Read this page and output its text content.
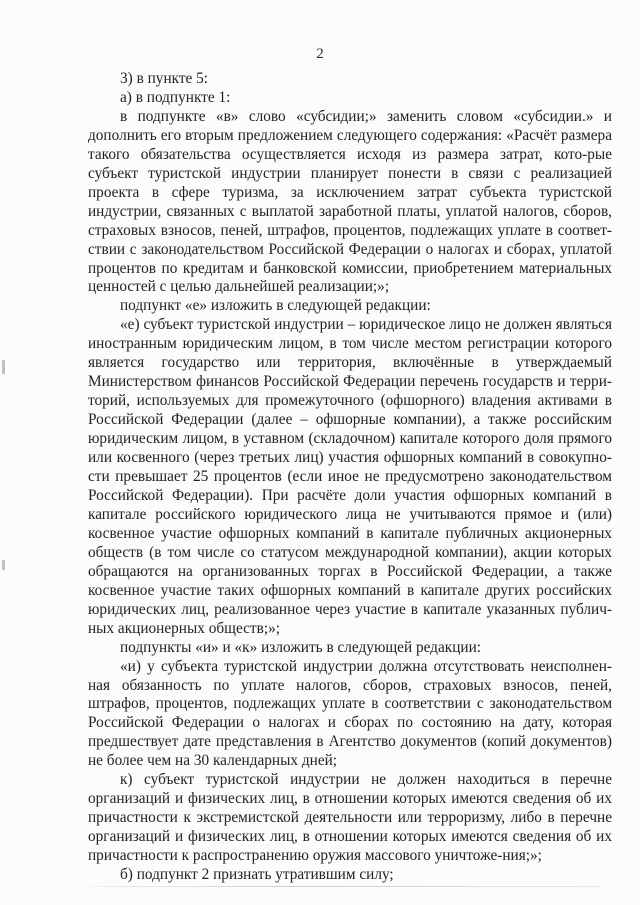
2

3) в пункте 5:

а) в подпункте 1:

в подпункте «в» слово «субсидии;» заменить словом «субсидии.» и дополнить его вторым предложением следующего содержания: «Расчёт размера такого обязательства осуществляется исходя из размера затрат, кото-рые субъект туристской индустрии планирует понести в связи с реализацией проекта в сфере туризма, за исключением затрат субъекта туристской индустрии, связанных с выплатой заработной платы, уплатой налогов, сборов, страховых взносов, пеней, штрафов, процентов, подлежащих уплате в соответ-ствии с законодательством Российской Федерации о налогах и сборах, уплатой процентов по кредитам и банковской комиссии, приобретением материальных ценностей с целью дальнейшей реализации;»;

подпункт «е» изложить в следующей редакции:

«е) субъект туристской индустрии – юридическое лицо не должен являться иностранным юридическим лицом, в том числе местом регистрации которого является государство или территория, включённые в утверждаемый Министерством финансов Российской Федерации перечень государств и терри-торий, используемых для промежуточного (офшорного) владения активами в Российской Федерации (далее – офшорные компании), а также российским юридическим лицом, в уставном (складочном) капитале которого доля прямого или косвенного (через третьих лиц) участия офшорных компаний в совокупно-сти превышает 25 процентов (если иное не предусмотрено законодательством Российской Федерации). При расчёте доли участия офшорных компаний в капитале российского юридического лица не учитываются прямое и (или) косвенное участие офшорных компаний в капитале публичных акционерных обществ (в том числе со статусом международной компании), акции которых обращаются на организованных торгах в Российской Федерации, а также косвенное участие таких офшорных компаний в капитале других российских юридических лиц, реализованное через участие в капитале указанных публич-ных акционерных обществ;»;

подпункты «и» и «к» изложить в следующей редакции:

«и) у субъекта туристской индустрии должна отсутствовать неисполнен-ная обязанность по уплате налогов, сборов, страховых взносов, пеней, штрафов, процентов, подлежащих уплате в соответствии с законодательством Российской Федерации о налогах и сборах по состоянию на дату, которая предшествует дате представления в Агентство документов (копий документов) не более чем на 30 календарных дней;

к) субъект туристской индустрии не должен находиться в перечне организаций и физических лиц, в отношении которых имеются сведения об их причастности к экстремистской деятельности или терроризму, либо в перечне организаций и физических лиц, в отношении которых имеются сведения об их причастности к распространению оружия массового уничтоже-ния;»;

б) подпункт 2 признать утратившим силу;
